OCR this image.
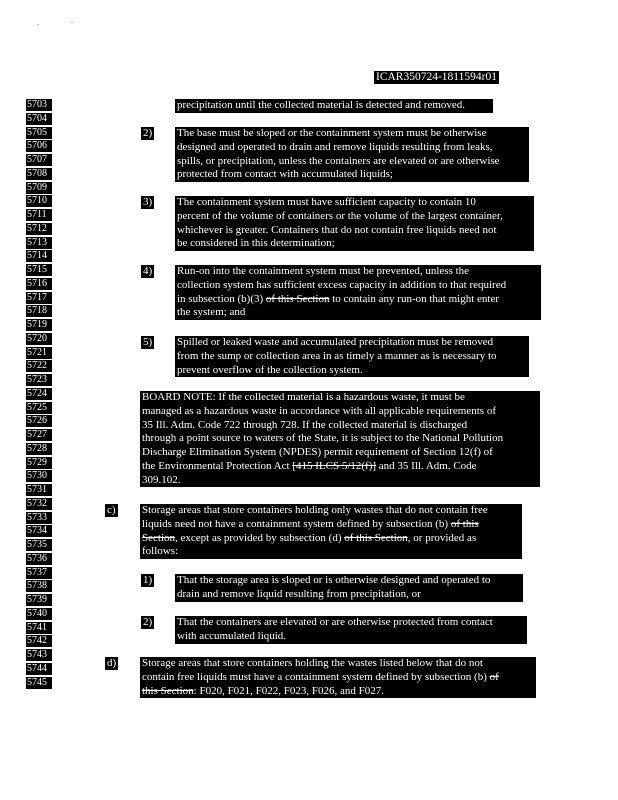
ICAR350724-1811594r01
5703
5704
5705
5706
5707
5708
5709
5710
5711
5712
5713
5714
5715
5716
5717
5718
5719
5720
5721
5722
5723
5724
5725
5726
5727
5728
5729
5730
5731
5732
5733
5734
5735
5736
5737
5738
5739
5740
5741
5742
5743
5744
5745
precipitation until the collected material is detected and removed.
2) The base must be sloped or the containment system must be otherwise
designed and operated to drain and remove liquids resulting from leaks,
spills, or precipitation, unless the containers are elevated or are otherwise
protected from contact with accumulated liquids;
3) The containment system must have sufficient capacity to contain 10
percent of the volume of containers or the volume of the largest container,
whichever is greater. Containers that do not contain free liquids need not
be considered in this determination;
4) Run-on into the containment system must be prevented, unless the
collection system has sufficient excess capacity in addition to that required
in subsection (b)(3) of this Section to contain any run-on that might enter
the system; and
5) Spilled or leaked waste and accumulated precipitation must be removed
from the sump or collection area in as timely a manner as is necessary to
prevent overflow of the collection system.
BOARD NOTE: If the collected material is a hazardous waste, it must be
managed as a hazardous waste in accordance with all applicable requirements of
35 Ill. Adm. Code 722 through 728. If the collected material is discharged
through a point source to waters of the State, it is subject to the National Pollution
Discharge Elimination System (NPDES) permit requirement of Section 12(f) of
the Environmental Protection Act [415 ILCS 5/12(f)] and 35 Ill. Adm. Code
309.102.
c) Storage areas that store containers holding only wastes that do not contain free
liquids need not have a containment system defined by subsection (b) of this
Section, except as provided by subsection (d) of this Section, or provided as
follows:
1) That the storage area is sloped or is otherwise designed and operated to
drain and remove liquid resulting from precipitation, or
2) That the containers are elevated or are otherwise protected from contact
with accumulated liquid.
d) Storage areas that store containers holding the wastes listed below that do not
contain free liquids must have a containment system defined by subsection (b) of
this Section: F020, F021, F022, F023, F026, and F027.
